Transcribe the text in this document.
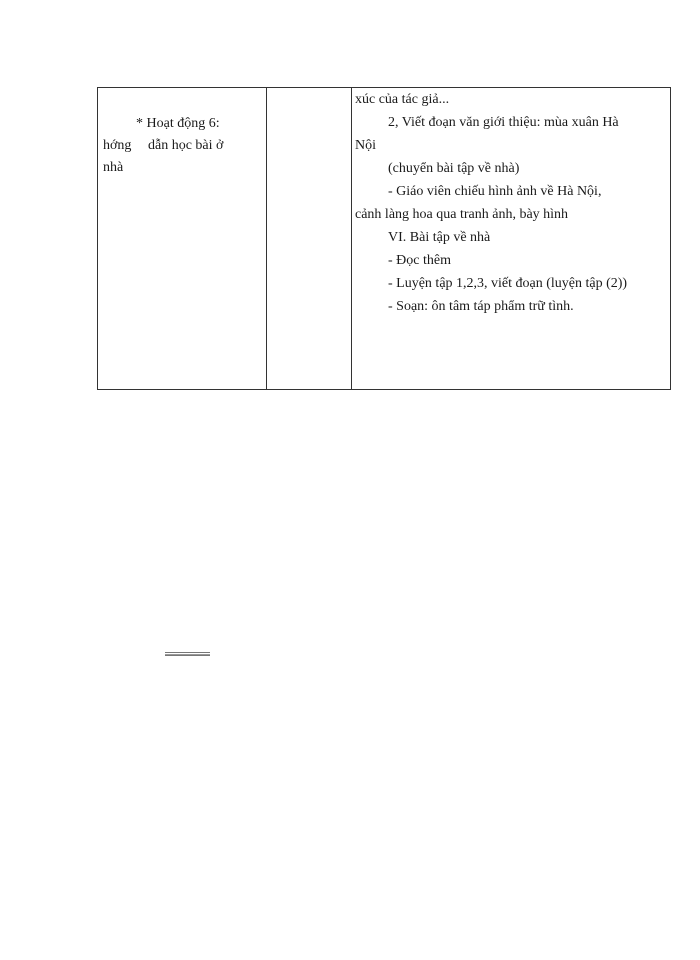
* Hoạt động 6:
hớng dẫn học bài ở
nhà
xúc của tác giả...
2, Viết đoạn văn giới thiệu: mùa xuân Hà
Nội
(chuyển bài tập về nhà)
- Giáo viên chiếu hình ảnh về Hà Nội,
cảnh làng hoa qua tranh ảnh, bày hình
VI. Bài tập về nhà
- Đọc thêm
- Luyện tập 1,2,3, viết đoạn (luyện tập (2))
- Soạn: ôn tâm táp phẩm trữ tình.
